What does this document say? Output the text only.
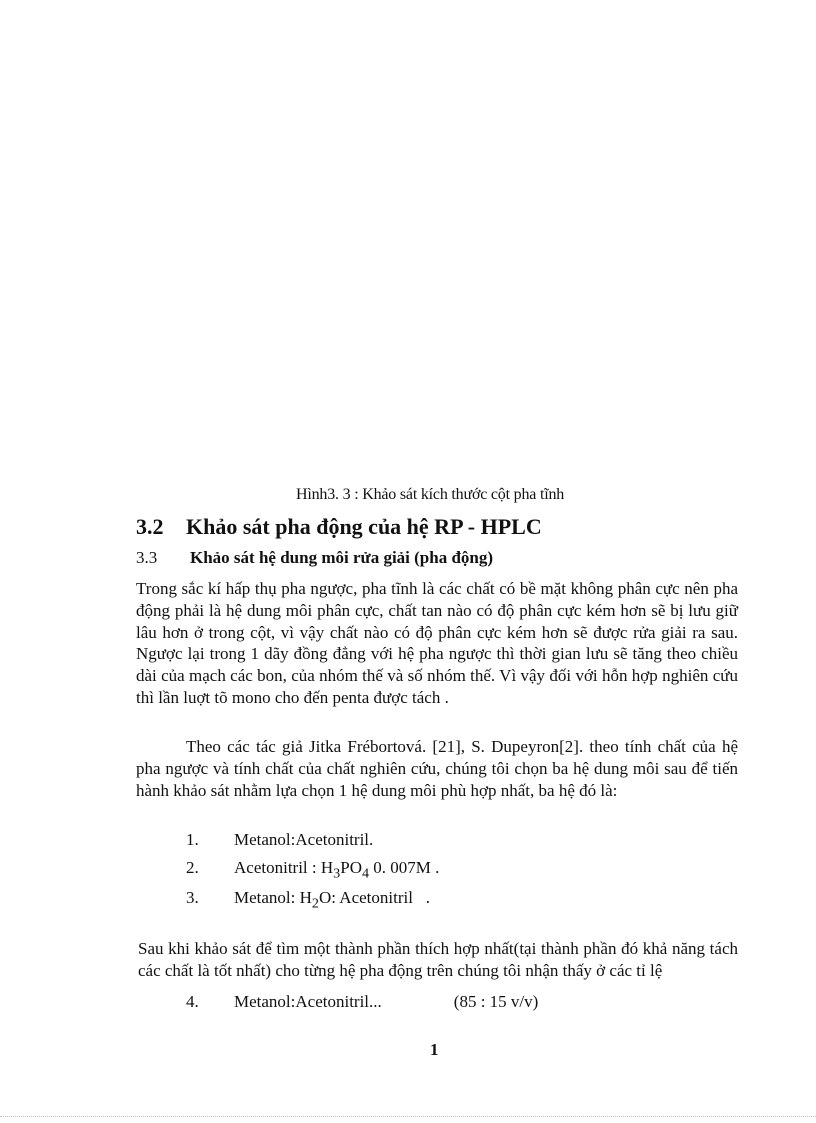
Hình3. 3 : Khảo sát kích thước cột pha tĩnh
3.2 Khảo sát pha động của hệ RP - HPLC
3.3 Khảo sát hệ dung môi rửa giải (pha động)
Trong sắc kí hấp thụ pha ngược, pha tĩnh là các chất có bề mặt không phân cực nên pha động phải là hệ dung môi phân cực, chất tan nào có độ phân cực kém hơn sẽ bị lưu giữ lâu hơn ở trong cột, vì vậy chất nào có độ phân cực kém hơn sẽ được rửa giải ra sau. Ngược lại trong 1 dãy đồng đẳng với hệ pha ngược thì thời gian lưu sẽ tăng theo chiều dài của mạch các bon, của nhóm thế và số nhóm thế. Vì vậy đối với hỗn hợp nghiên cứu thì lần luợt tõ mono cho đến penta được tách .
Theo các tác giả Jitka Frébortová. [21], S. Dupeyron[2]. theo tính chất của hệ pha ngược và tính chất của chất nghiên cứu, chúng tôi chọn ba hệ dung môi sau để tiến hành khảo sát nhằm lựa chọn 1 hệ dung môi phù hợp nhất, ba hệ đó là:
1. Metanol:Acetonitril.
2. Acetonitril : $H_3PO_4$ 0. 007M .
3. Metanol: $H_2O$: Acetonitril   .
Sau khi khảo sát để tìm một thành phần thích hợp nhất(tại thành phần đó khả năng tách các chất là tốt nhất) cho từng hệ pha động trên chúng tôi nhận thấy ở các tỉ lệ
4. Metanol:Acetonitril...	(85 : 15 v/v)
1
